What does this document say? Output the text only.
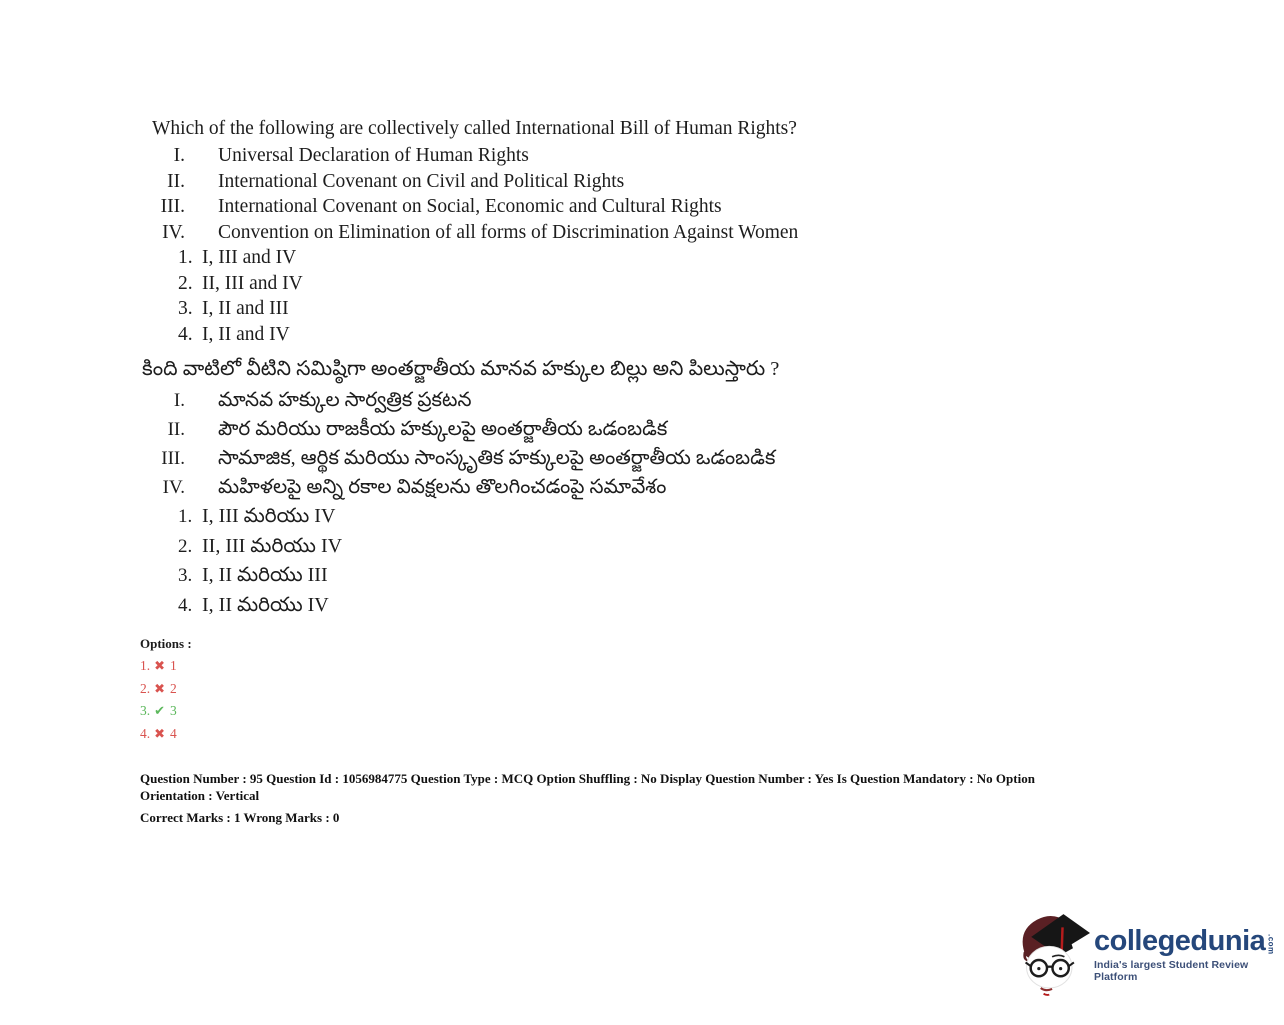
Which of the following are collectively called International Bill of Human Rights?

I. Universal Declaration of Human Rights
II. International Covenant on Civil and Political Rights
III. International Covenant on Social, Economic and Cultural Rights
IV. Convention on Elimination of all forms of Discrimination Against Women
1. I, III and IV
2. II, III and IV
3. I, II and III
4. I, II and IV

కింది వాటిలో వీటిని సమిష్ఠిగా అంతర్జాతీయ మానవ హక్కుల బిల్లు అని పిలుస్తారు ?

I. మానవ హక్కుల సార్వత్రిక ప్రకటన
II. పౌర మరియు రాజకీయ హక్కులపై అంతర్జాతీయ ఒడంబడిక
III. సామాజిక, ఆర్థిక మరియు సాంస్కృతిక హక్కులపై అంతర్జాతీయ ఒడంబడిక
IV. మహిళలపై అన్ని రకాల వివక్షలను తొలగించడంపై సమావేశం
1. I, III మరియు IV
2. II, III మరియు IV
3. I, II మరియు III
4. I, II మరియు IV

Options :

1. ✖ 1
2. ✖ 2
3. ✔ 3
4. ✖ 4
Question Number : 95 Question Id : 1056984775 Question Type : MCQ Option Shuffling : No Display Question Number : Yes Is Question Mandatory : No Option
Orientation : Vertical
Correct Marks : 1 Wrong Marks : 0
collegedunia .com
India's largest Student Review Platform
